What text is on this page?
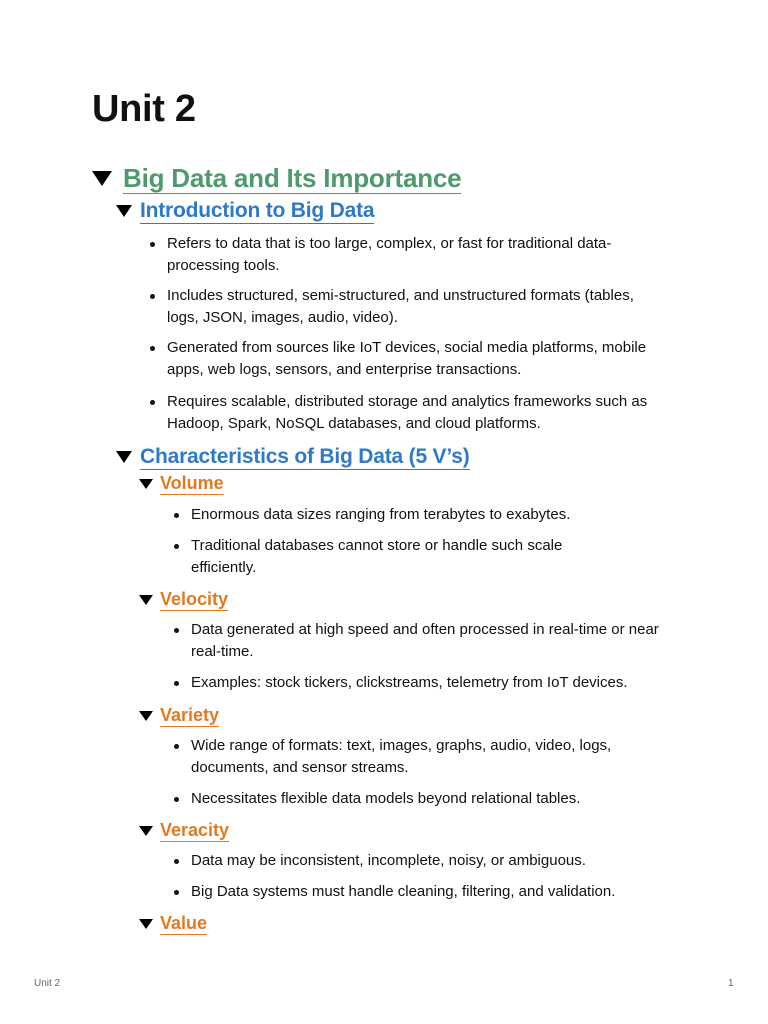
Unit 2
Big Data and Its Importance
Introduction to Big Data

Refers to data that is too large, complex, or fast for traditional data-processing tools.

Includes structured, semi-structured, and unstructured formats (tables, logs, JSON, images, audio, video).

Generated from sources like IoT devices, social media platforms, mobile apps, web logs, sensors, and enterprise transactions.

Requires scalable, distributed storage and analytics frameworks such as Hadoop, Spark, NoSQL databases, and cloud platforms.

Characteristics of Big Data (5 V’s)
Volume

Enormous data sizes ranging from terabytes to exabytes.

Traditional databases cannot store or handle such scale efficiently.

Velocity

Data generated at high speed and often processed in real-time or near real-time.

Examples: stock tickers, clickstreams, telemetry from IoT devices.

Variety

Wide range of formats: text, images, graphs, audio, video, logs, documents, and sensor streams.

Necessitates flexible data models beyond relational tables.

Veracity

Data may be inconsistent, incomplete, noisy, or ambiguous.

Big Data systems must handle cleaning, filtering, and validation.

Value
Unit 2	1
